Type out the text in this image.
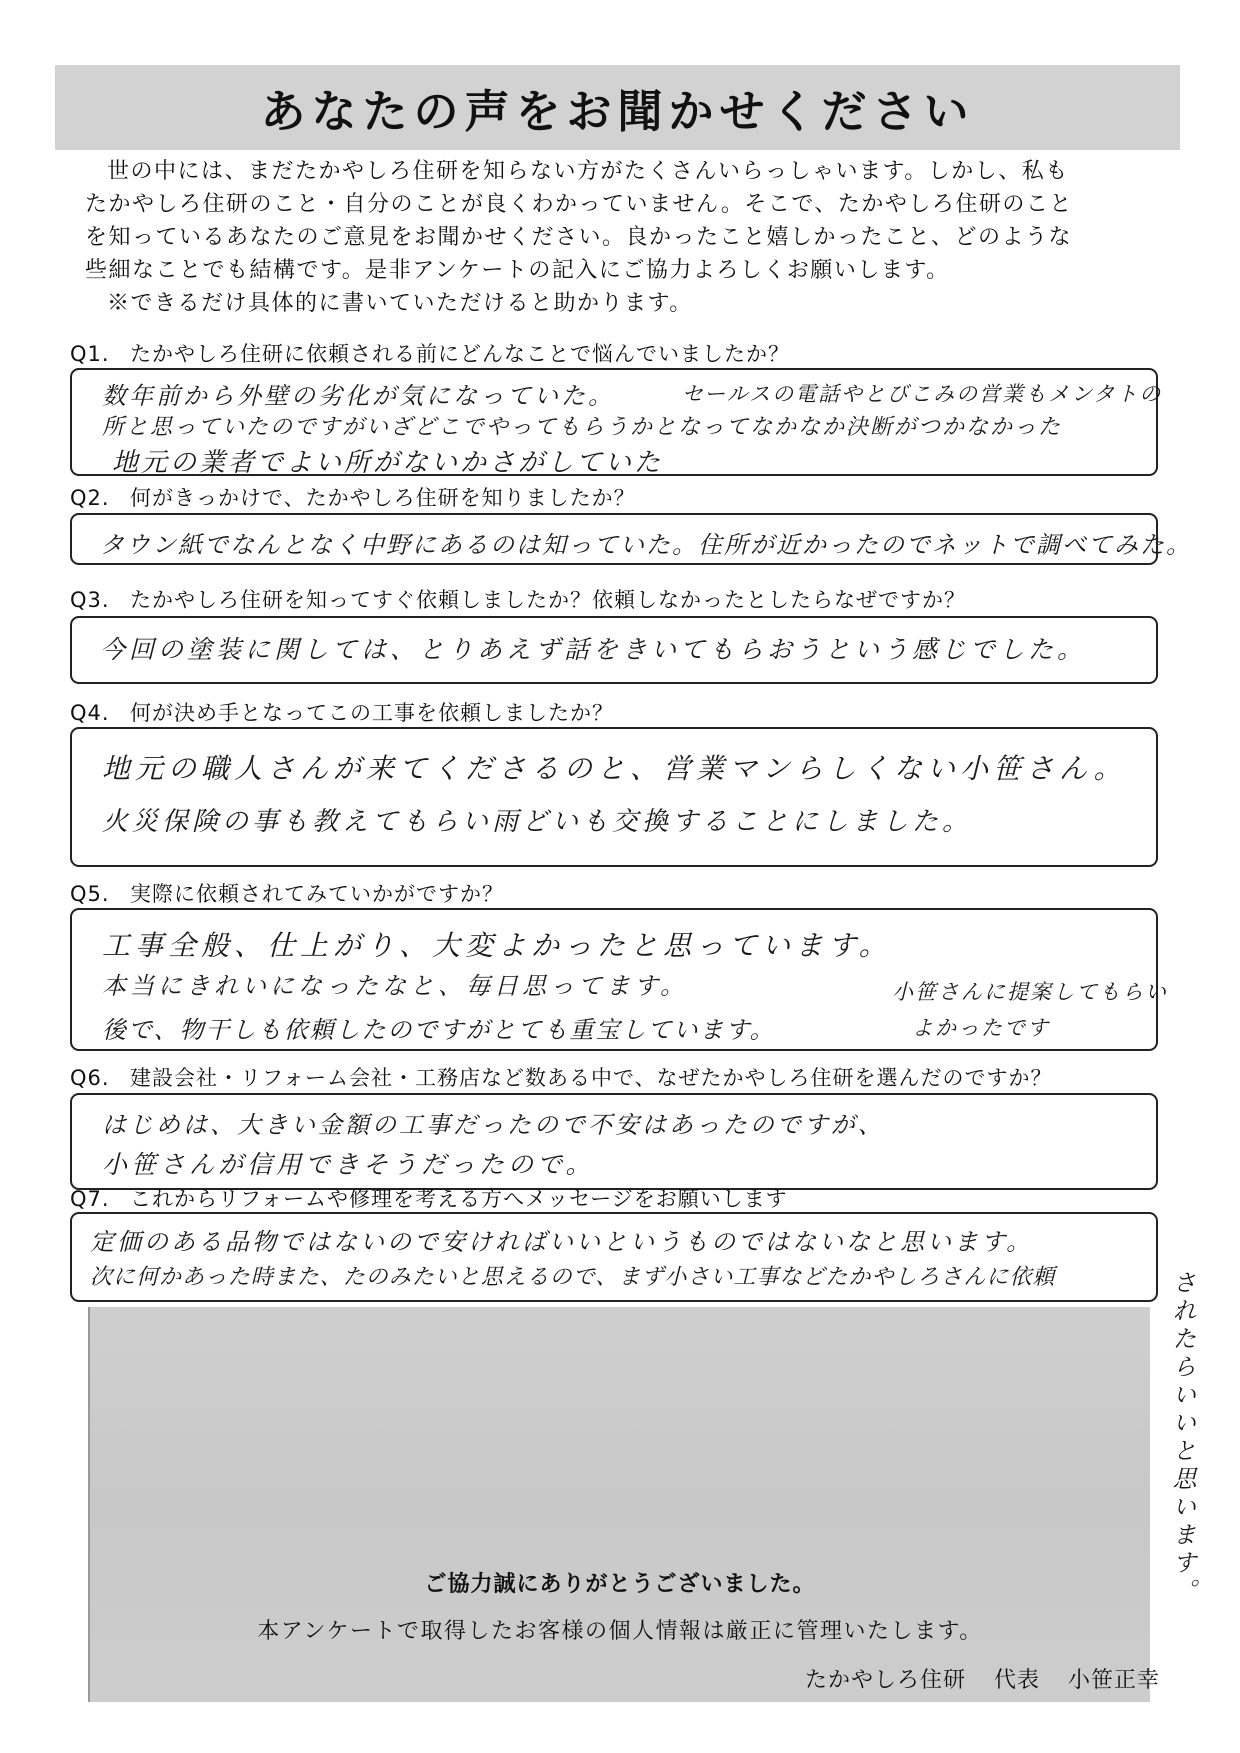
あなたの声をお聞かせください

世の中には、まだたかやしろ住研を知らない方がたくさんいらっしゃいます。しかし、私も

たかやしろ住研のこと・自分のことが良くわかっていません。そこで、たかやしろ住研のこと

を知っているあなたのご意見をお聞かせください。良かったこと嬉しかったこと、どのような

些細なことでも結構です。是非アンケートの記入にご協力よろしくお願いします。

※できるだけ具体的に書いていただけると助かります。

Q1. たかやしろ住研に依頼される前にどんなことで悩んでいましたか？
数年前から外壁の劣化が気になっていた。	セールスの電話やとびこみの営業もメンタトの
所と思っていたのですがいざどこでやってもらうかとなってなかなか決断がつかなかった
地元の業者でよい所がないかさがしていた
Q2. 何がきっかけで、たかやしろ住研を知りましたか？
タウン紙でなんとなく中野にあるのは知っていた。住所が近かったのでネットで調べてみた。
Q3. たかやしろ住研を知ってすぐ依頼しましたか？依頼しなかったとしたらなぜですか？
今回の塗装に関しては、とりあえず話をきいてもらおうという感じでした。
Q4. 何が決め手となってこの工事を依頼しましたか？
地元の職人さんが来てくださるのと、営業マンらしくない小笹さん。
火災保険の事も教えてもらい雨どいも交換することにしました。
Q5. 実際に依頼されてみていかがですか？
工事全般、仕上がり、大変よかったと思っています。
本当にきれいになったなと、毎日思ってます。
後で、物干しも依頼したのですがとても重宝しています。
小笹さんに提案してもらい
よかったです
Q6. 建設会社・リフォーム会社・工務店など数ある中で、なぜたかやしろ住研を選んだのですか？
はじめは、大きい金額の工事だったので不安はあったのですが、
小笹さんが信用できそうだったので。
Q7. これからリフォームや修理を考える方へメッセージをお願いします
定価のある品物ではないので安ければいいというものではないなと思います。
次に何かあった時また、たのみたいと思えるので、まず小さい工事などたかやしろさんに依頼	されたらいいと思います。
ご協力誠にありがとうございました。
本アンケートで取得したお客様の個人情報は厳正に管理いたします。
たかやしろ住研 代表 小笹正幸
